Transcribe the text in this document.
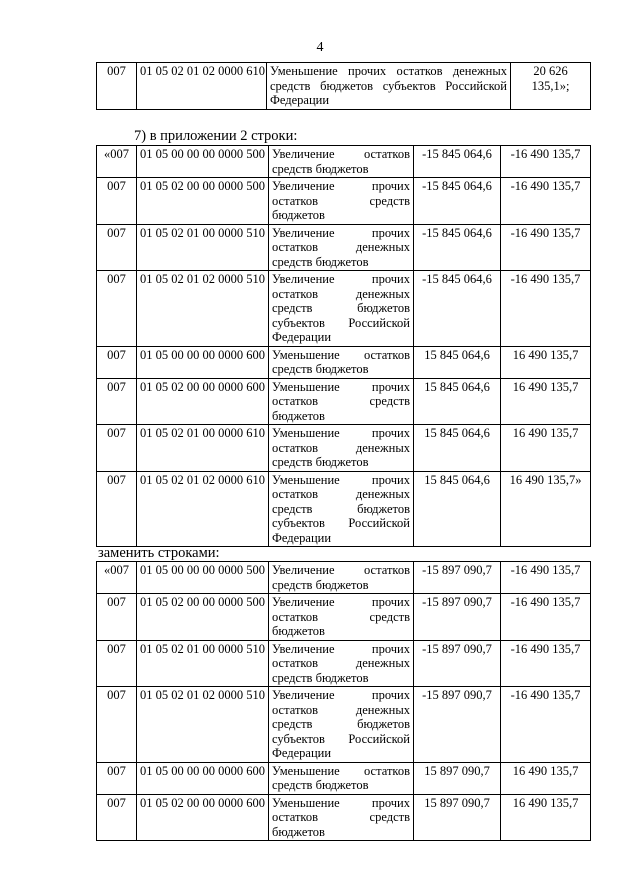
4
007	01 05 02 01 02 0000 610	Уменьшение прочих остатков денежных средств бюджетов субъектов Российской Федерации	20 626 135,1»;
7) в приложении 2 строки:
«007	01 05 00 00 00 0000 500	Увеличение остатков средств бюджетов	-15 845 064,6	-16 490 135,7
007	01 05 02 00 00 0000 500	Увеличение прочих остатков средств бюджетов	-15 845 064,6	-16 490 135,7
007	01 05 02 01 00 0000 510	Увеличение прочих остатков денежных средств бюджетов	-15 845 064,6	-16 490 135,7
007	01 05 02 01 02 0000 510	Увеличение прочих остатков денежных средств бюджетов субъектов Российской Федерации	-15 845 064,6	-16 490 135,7
007	01 05 00 00 00 0000 600	Уменьшение остатков средств бюджетов	15 845 064,6	16 490 135,7
007	01 05 02 00 00 0000 600	Уменьшение прочих остатков средств бюджетов	15 845 064,6	16 490 135,7
007	01 05 02 01 00 0000 610	Уменьшение прочих остатков денежных средств бюджетов	15 845 064,6	16 490 135,7
007	01 05 02 01 02 0000 610	Уменьшение прочих остатков денежных средств бюджетов субъектов Российской Федерации	15 845 064,6	16 490 135,7»
заменить строками:
«007	01 05 00 00 00 0000 500	Увеличение остатков средств бюджетов	-15 897 090,7	-16 490 135,7
007	01 05 02 00 00 0000 500	Увеличение прочих остатков средств бюджетов	-15 897 090,7	-16 490 135,7
007	01 05 02 01 00 0000 510	Увеличение прочих остатков денежных средств бюджетов	-15 897 090,7	-16 490 135,7
007	01 05 02 01 02 0000 510	Увеличение прочих остатков денежных средств бюджетов субъектов Российской Федерации	-15 897 090,7	-16 490 135,7
007	01 05 00 00 00 0000 600	Уменьшение остатков средств бюджетов	15 897 090,7	16 490 135,7
007	01 05 02 00 00 0000 600	Уменьшение прочих остатков средств бюджетов	15 897 090,7	16 490 135,7
